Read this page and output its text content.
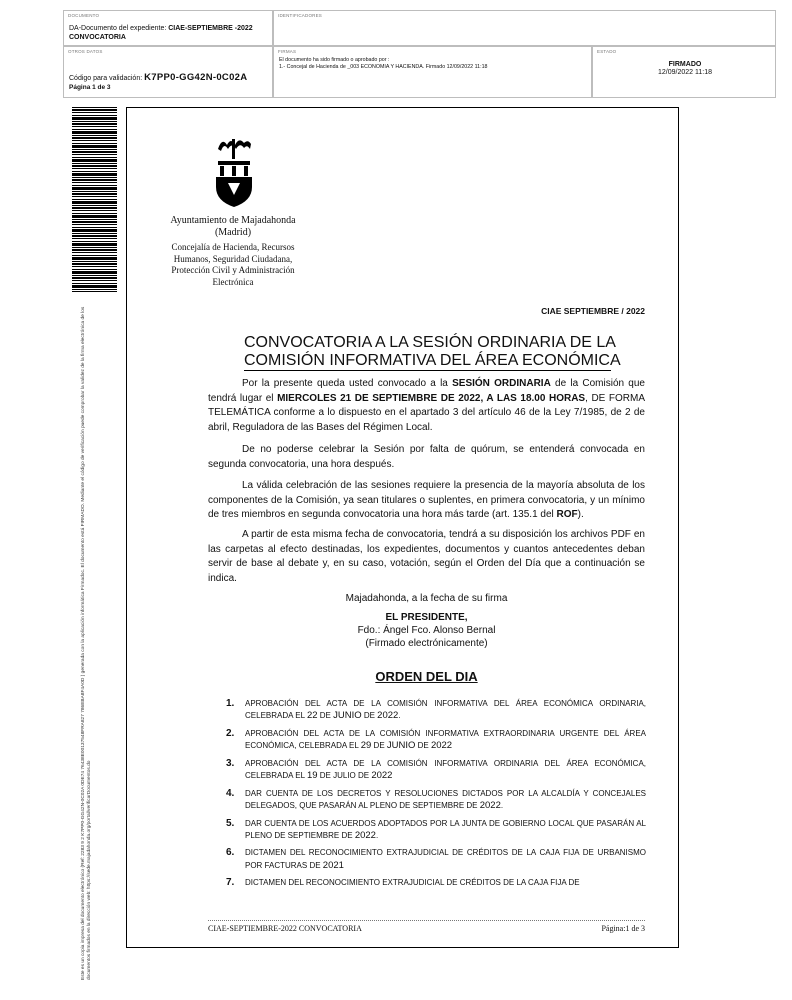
DOCUMENTO
DA-Documento del expediente: CIAE-SEPTIEMBRE -2022 CONVOCATORIA
IDENTIFICADORES
OTROS DATOS
Código para validación: K7PP0-GG42N-0C02A
Página 1 de 3
FIRMAS
El documento ha sido firmado o aprobado por :
1.- Concejal de Hacienda de _003 ECONOMIA Y HACIENDA. Firmado 12/09/2022 11:18
ESTADO
FIRMADO
12/09/2022 11:18
Este es un copia impresa del documento electrónico (Ref: 2283 9 2 K7PP0-GG42N-0C02A 0DE74 76438E00137548FRA827 786EBA8F4A0D ) generada con la aplicación informática Firmadoc. El documento está FIRMADO. Mediante el código de verificación puede comprobar la validez de la firma electrónica de los documentos firmados en la dirección web: https://sede.majadahonda.org/portal/verificarDocumentos.do
Ayuntamiento de Majadahonda
(Madrid)
Concejalía de Hacienda, Recursos
Humanos, Seguridad Ciudadana,
Protección Civil y Administración
Electrónica
CIAE SEPTIEMBRE / 2022
CONVOCATORIA A LA SESIÓN ORDINARIA DE LA
COMISIÓN INFORMATIVA DEL ÁREA ECONÓMICA
Por la presente queda usted convocado a la SESIÓN ORDINARIA de la Comisión que tendrá lugar el MIERCOLES 21 DE SEPTIEMBRE DE 2022, A LAS 18.00 HORAS, DE FORMA TELEMÁTICA conforme a lo dispuesto en el apartado 3 del artículo 46 de la Ley 7/1985, de 2 de abril, Reguladora de las Bases del Régimen Local.
De no poderse celebrar la Sesión por falta de quórum, se entenderá convocada en segunda convocatoria, una hora después.
La válida celebración de las sesiones requiere la presencia de la mayoría absoluta de los componentes de la Comisión, ya sean titulares o suplentes, en primera convocatoria, y un mínimo de tres miembros en segunda convocatoria una hora más tarde (art. 135.1 del ROF).
A partir de esta misma fecha de convocatoria, tendrá a su disposición los archivos PDF en las carpetas al efecto destinadas, los expedientes, documentos y cuantos antecedentes deban servir de base al debate y, en su caso, votación, según el Orden del Día que a continuación se indica.
Majadahonda, a la fecha de su firma
EL PRESIDENTE,
Fdo.: Ángel Fco. Alonso Bernal
(Firmado electrónicamente)
ORDEN DEL DIA
1. APROBACIÓN DEL ACTA DE LA COMISIÓN INFORMATIVA DEL ÁREA ECONÓMICA ORDINARIA, CELEBRADA EL 22 DE JUNIO DE 2022.
2. APROBACIÓN DEL ACTA DE LA COMISIÓN INFORMATIVA EXTRAORDINARIA URGENTE DEL ÁREA ECONÓMICA, CELEBRADA EL 29 DE JUNIO DE 2022
3. APROBACIÓN DEL ACTA DE LA COMISIÓN INFORMATIVA ORDINARIA DEL ÁREA ECONÓMICA, CELEBRADA EL 19 DE JULIO DE 2022
4. DAR CUENTA DE LOS DECRETOS Y RESOLUCIONES DICTADOS POR LA ALCALDÍA Y CONCEJALES DELEGADOS, QUE PASARÁN AL PLENO DE SEPTIEMBRE DE 2022.
5. DAR CUENTA DE LOS ACUERDOS ADOPTADOS POR LA JUNTA DE GOBIERNO LOCAL QUE PASARÁN AL PLENO DE SEPTIEMBRE DE 2022.
6. DICTAMEN DEL RECONOCIMIENTO EXTRAJUDICIAL DE CRÉDITOS DE LA CAJA FIJA DE URBANISMO POR FACTURAS DE 2021
7. DICTAMEN DEL RECONOCIMIENTO EXTRAJUDICIAL DE CRÉDITOS DE LA CAJA FIJA DE
CIAE-SEPTIEMBRE-2022 CONVOCATORIA	Página:1 de 3
